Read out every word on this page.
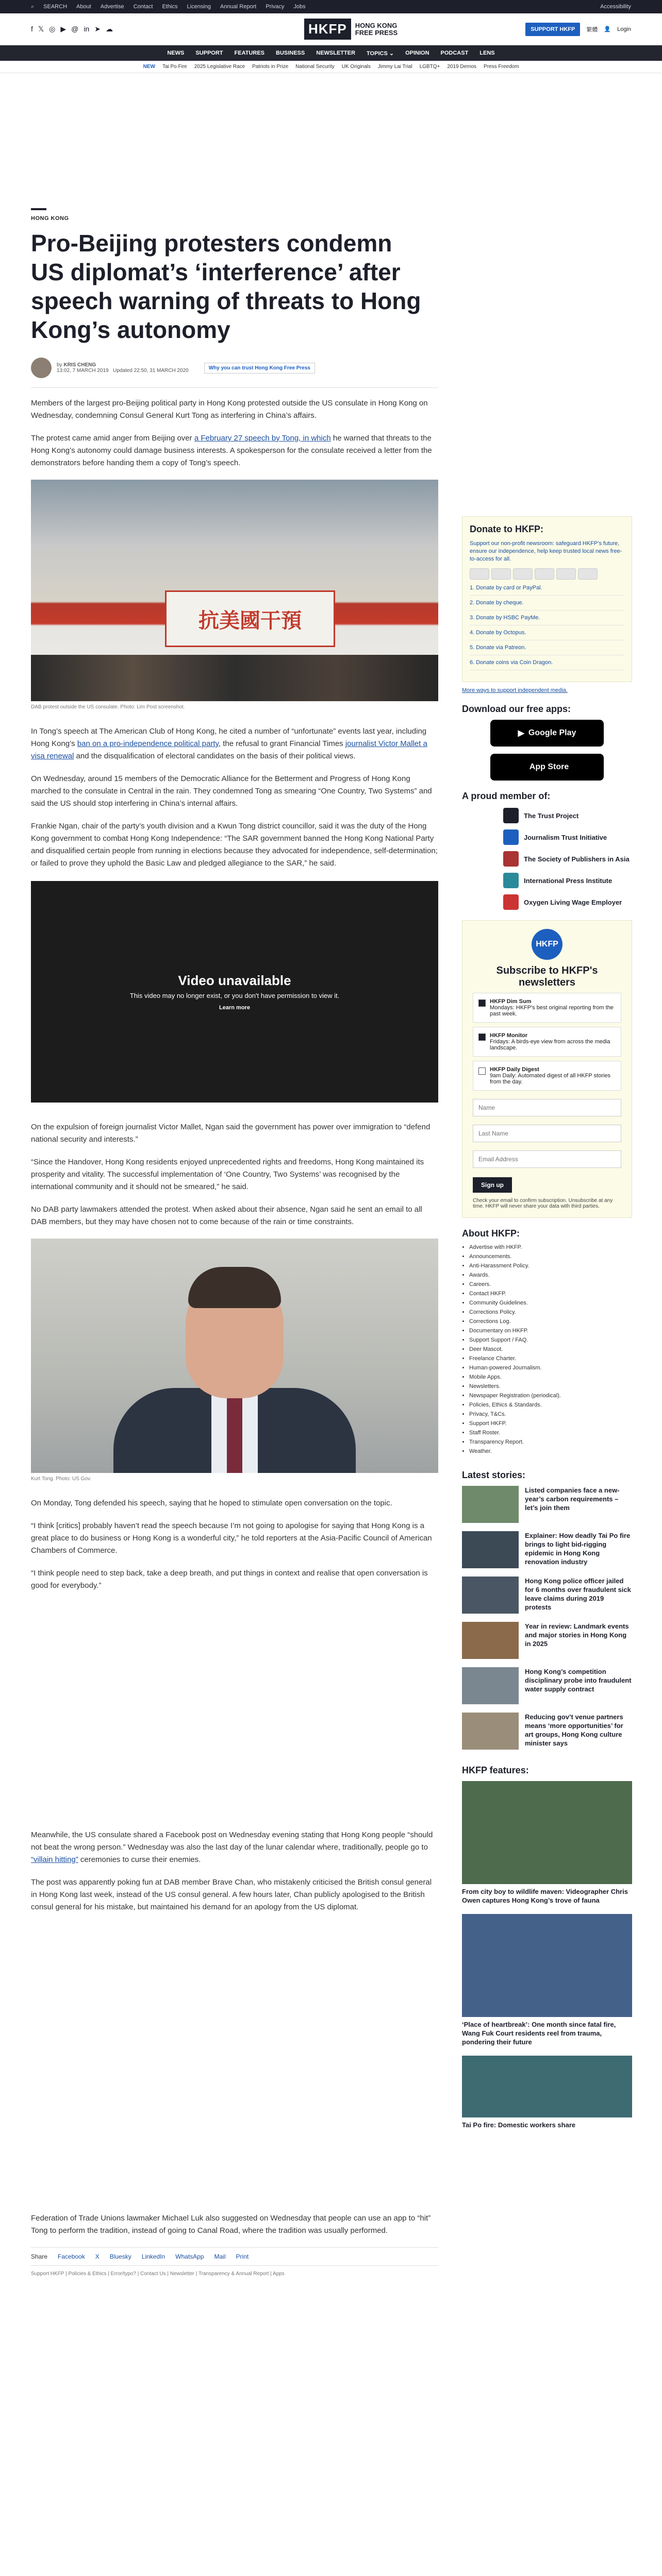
⌕ SEARCH About Advertise Contact Ethics Licensing Annual Report Privacy Jobs	Accessibility
f 𝕏 ◎ ▶ @ in ➤ ☁	HKFP	HONG KONG
FREE PRESS	SUPPORT HKFP	繁體 👤 Login
NEWS SUPPORT FEATURES BUSINESS NEWSLETTER TOPICS ⌄ OPINION PODCAST LENS
NEW Tai Po Fire 2025 Legislative Race Patriots in Prize National Security UK Originals Jimmy Lai Trial LGBTQ+ 2019 Demos Press Freedom
HONG KONG
Pro-Beijing protesters condemn US diplomat’s ‘interference’ after speech warning of threats to Hong Kong’s autonomy
by KRIS CHENG
13:02, 7 MARCH 2019 Updated 22:50, 31 MARCH 2020	Why you can trust Hong Kong Free Press

Members of the largest pro-Beijing political party in Hong Kong protested outside the US consulate in Hong Kong on Wednesday, condemning Consul General Kurt Tong as interfering in China’s affairs.

The protest came amid anger from Beijing over a February 27 speech by Tong, in which he warned that threats to the Hong Kong’s autonomy could damage business interests. A spokesperson for the consulate received a letter from the demonstrators before handing them a copy of Tong’s speech.

抗美國干預
DAB protest outside the US consulate. Photo: Lim Post screenshot.

In Tong’s speech at The American Club of Hong Kong, he cited a number of “unfortunate” events last year, including Hong Kong’s ban on a pro-independence political party, the refusal to grant Financial Times journalist Victor Mallet a visa renewal and the disqualification of electoral candidates on the basis of their political views.

On Wednesday, around 15 members of the Democratic Alliance for the Betterment and Progress of Hong Kong marched to the consulate in Central in the rain. They condemned Tong as smearing “One Country, Two Systems” and said the US should stop interfering in China’s internal affairs.

Frankie Ngan, chair of the party’s youth division and a Kwun Tong district councillor, said it was the duty of the Hong Kong government to combat Hong Kong Independence: “The SAR government banned the Hong Kong National Party and disqualified certain people from running in elections because they advocated for independence, self-determination; or failed to prove they uphold the Basic Law and pledged allegiance to the SAR,” he said.

Video unavailable
This video may no longer exist, or you don't have permission to view it.
Learn more

On the expulsion of foreign journalist Victor Mallet, Ngan said the government has power over immigration to “defend national security and interests.”

“Since the Handover, Hong Kong residents enjoyed unprecedented rights and freedoms, Hong Kong maintained its prosperity and vitality. The successful implementation of ‘One Country, Two Systems’ was recognised by the international community and it should not be smeared,” he said.

No DAB party lawmakers attended the protest. When asked about their absence, Ngan said he sent an email to all DAB members, but they may have chosen not to come because of the rain or time constraints.

Kurt Tong. Photo: US Gov.

On Monday, Tong defended his speech, saying that he hoped to stimulate open conversation on the topic.

“I think [critics] probably haven’t read the speech because I’m not going to apologise for saying that Hong Kong is a great place to do business or Hong Kong is a wonderful city,” he told reporters at the Asia-Pacific Council of American Chambers of Commerce.

“I think people need to step back, take a deep breath, and put things in context and realise that open conversation is good for everybody.”

Meanwhile, the US consulate shared a Facebook post on Wednesday evening stating that Hong Kong people “should not beat the wrong person.” Wednesday was also the last day of the lunar calendar where, traditionally, people go to “villain hitting” ceremonies to curse their enemies.

The post was apparently poking fun at DAB member Brave Chan, who mistakenly criticised the British consul general in Hong Kong last week, instead of the US consul general. A few hours later, Chan publicly apologised to the British consul general for his mistake, but maintained his demand for an apology from the US diplomat.

Federation of Trade Unions lawmaker Michael Luk also suggested on Wednesday that people can use an app to “hit” Tong to perform the tradition, instead of going to Canal Road, where the tradition was usually performed.

Share Facebook X Bluesky LinkedIn WhatsApp Mail Print
Support HKFP | Policies & Ethics | Error/typo? | Contact Us | Newsletter | Transparency & Annual Report | Apps
Donate to HKFP:
Support our non-profit newsroom: safeguard HKFP’s future, ensure our independence, help keep trusted local news free-to-access for all.
1. Donate by card or PayPal.
2. Donate by cheque.
3. Donate by HSBC PayMe.
4. Donate by Octopus.
5. Donate via Patreon.
6. Donate coins via Coin Dragon.
More ways to support independent media.
Download our free apps:
▶ Google Play
App Store
A proud member of:
The Trust Project
Journalism Trust Initiative
The Society of Publishers in Asia
International Press Institute
Oxygen Living Wage Employer
HKFP
Subscribe to HKFP's newsletters
HKFP Dim Sum
Mondays: HKFP's best original reporting from the past week.
HKFP Monitor
Fridays: A birds-eye view from across the media landscape.
HKFP Daily Digest
9am Daily: Automated digest of all HKFP stories from the day.
Name Last Name Email Address
Sign up
Check your email to confirm subscription. Unsubscribe at any time. HKFP will never share your data with third parties.
About HKFP:
• Advertise with HKFP.
• Announcements.
• Anti-Harassment Policy.
• Awards.
• Careers.
• Contact HKFP.
• Community Guidelines.
• Corrections Policy.
• Corrections Log.
• Documentary on HKFP.
• Support Support / FAQ.
• Deer Mascot.
• Freelance Charter.
• Human-powered Journalism.
• Mobile Apps.
• Newsletters.
• Newspaper Registration (periodical).
• Policies, Ethics & Standards.
• Privacy, T&Cs.
• Support HKFP.
• Staff Roster.
• Transparency Report.
• Weather.
Latest stories:
Listed companies face a new-year’s carbon requirements – let’s join them
Explainer: How deadly Tai Po fire brings to light bid-rigging epidemic in Hong Kong renovation industry
Hong Kong police officer jailed for 6 months over fraudulent sick leave claims during 2019 protests
Year in review: Landmark events and major stories in Hong Kong in 2025
Hong Kong’s competition disciplinary probe into fraudulent water supply contract
Reducing gov’t venue partners means ‘more opportunities’ for art groups, Hong Kong culture minister says
HKFP features:
From city boy to wildlife maven: Videographer Chris Owen captures Hong Kong’s trove of fauna
‘Place of heartbreak’: One month since fatal fire, Wang Fuk Court residents reel from trauma, pondering their future
Tai Po fire: Domestic workers share
